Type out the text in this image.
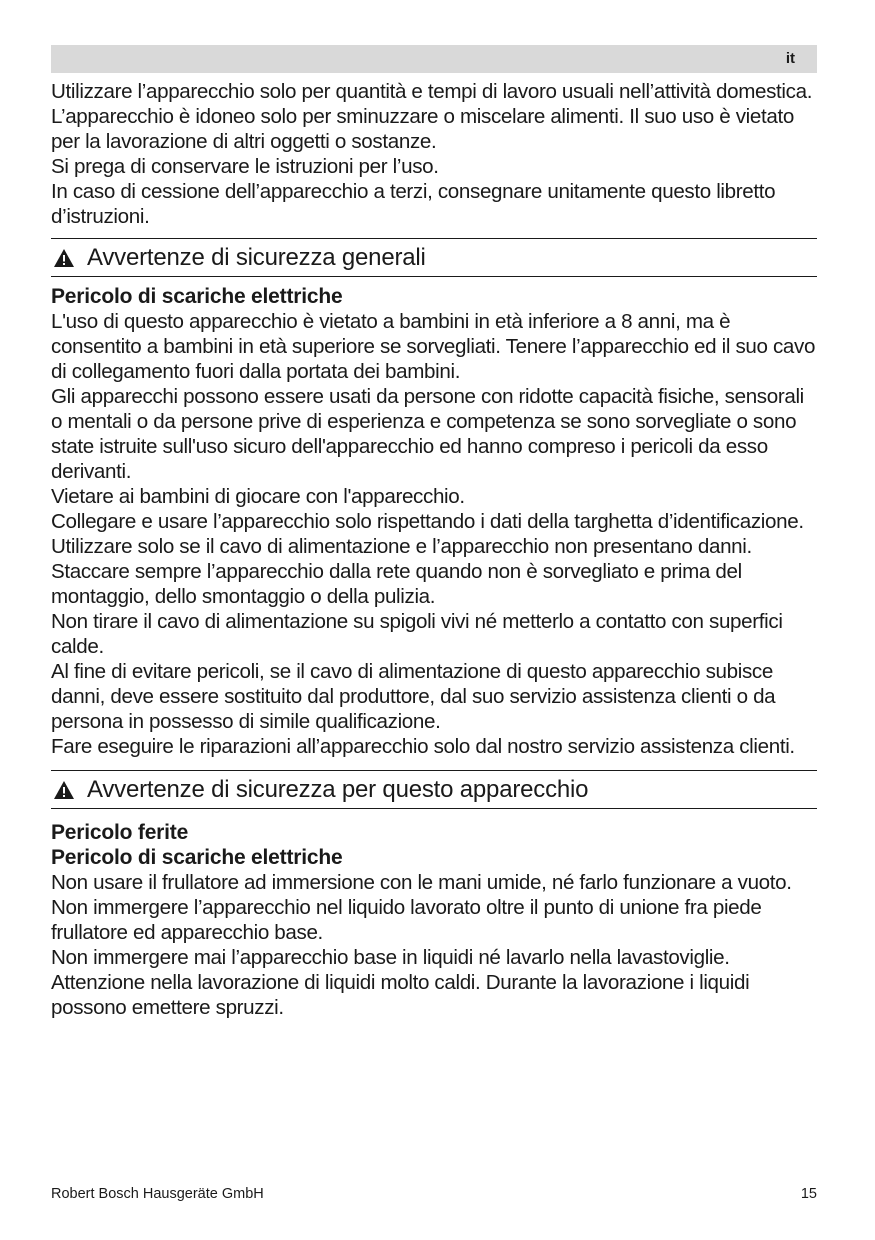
it

Utilizzare l’apparecchio solo per quantità e tempi di lavoro usuali nell’attività domestica.

L’apparecchio è idoneo solo per sminuzzare o miscelare alimenti. Il suo uso è vietato per la lavorazione di altri oggetti o sostanze.

Si prega di conservare le istruzioni per l’uso.

In caso di cessione dell’apparecchio a terzi, consegnare unitamente questo libretto d’istruzioni.

Avvertenze di sicurezza generali

Pericolo di scariche elettriche

L'uso di questo apparecchio è vietato a bambini in età inferiore a 8 anni, ma è consentito a bambini in età superiore se sorvegliati. Tenere l’apparecchio ed il suo cavo di collegamento fuori dalla portata dei bambini.

Gli apparecchi possono essere usati da persone con ridotte capacità fisiche, sensorali o mentali o da persone prive di esperienza e competenza se sono sorvegliate o sono state istruite sull'uso sicuro dell'apparecchio ed hanno compreso i pericoli da esso derivanti.

Vietare ai bambini di giocare con l'apparecchio.

Collegare e usare l’apparecchio solo rispettando i dati della targhetta d’identificazione.

Utilizzare solo se il cavo di alimentazione e l’apparecchio non presentano danni.

Staccare sempre l’apparecchio dalla rete quando non è sorvegliato e prima del montaggio, dello smontaggio o della pulizia.

Non tirare il cavo di alimentazione su spigoli vivi né metterlo a contatto con superfici calde.

Al fine di evitare pericoli, se il cavo di alimentazione di questo apparecchio subisce danni, deve essere sostituito dal produttore, dal suo servizio assistenza clienti o da persona in possesso di simile qualificazione.

Fare eseguire le riparazioni all’apparecchio solo dal nostro servizio assistenza clienti.

Avvertenze di sicurezza per questo apparecchio

Pericolo ferite

Pericolo di scariche elettriche

Non usare il frullatore ad immersione con le mani umide, né farlo funzionare a vuoto.

Non immergere l’apparecchio nel liquido lavorato oltre il punto di unione fra piede frullatore ed apparecchio base.

Non immergere mai l’apparecchio base in liquidi né lavarlo nella lavastoviglie.

Attenzione nella lavorazione di liquidi molto caldi. Durante la lavorazione i liquidi possono emettere spruzzi.

Robert Bosch Hausgeräte GmbH	15
